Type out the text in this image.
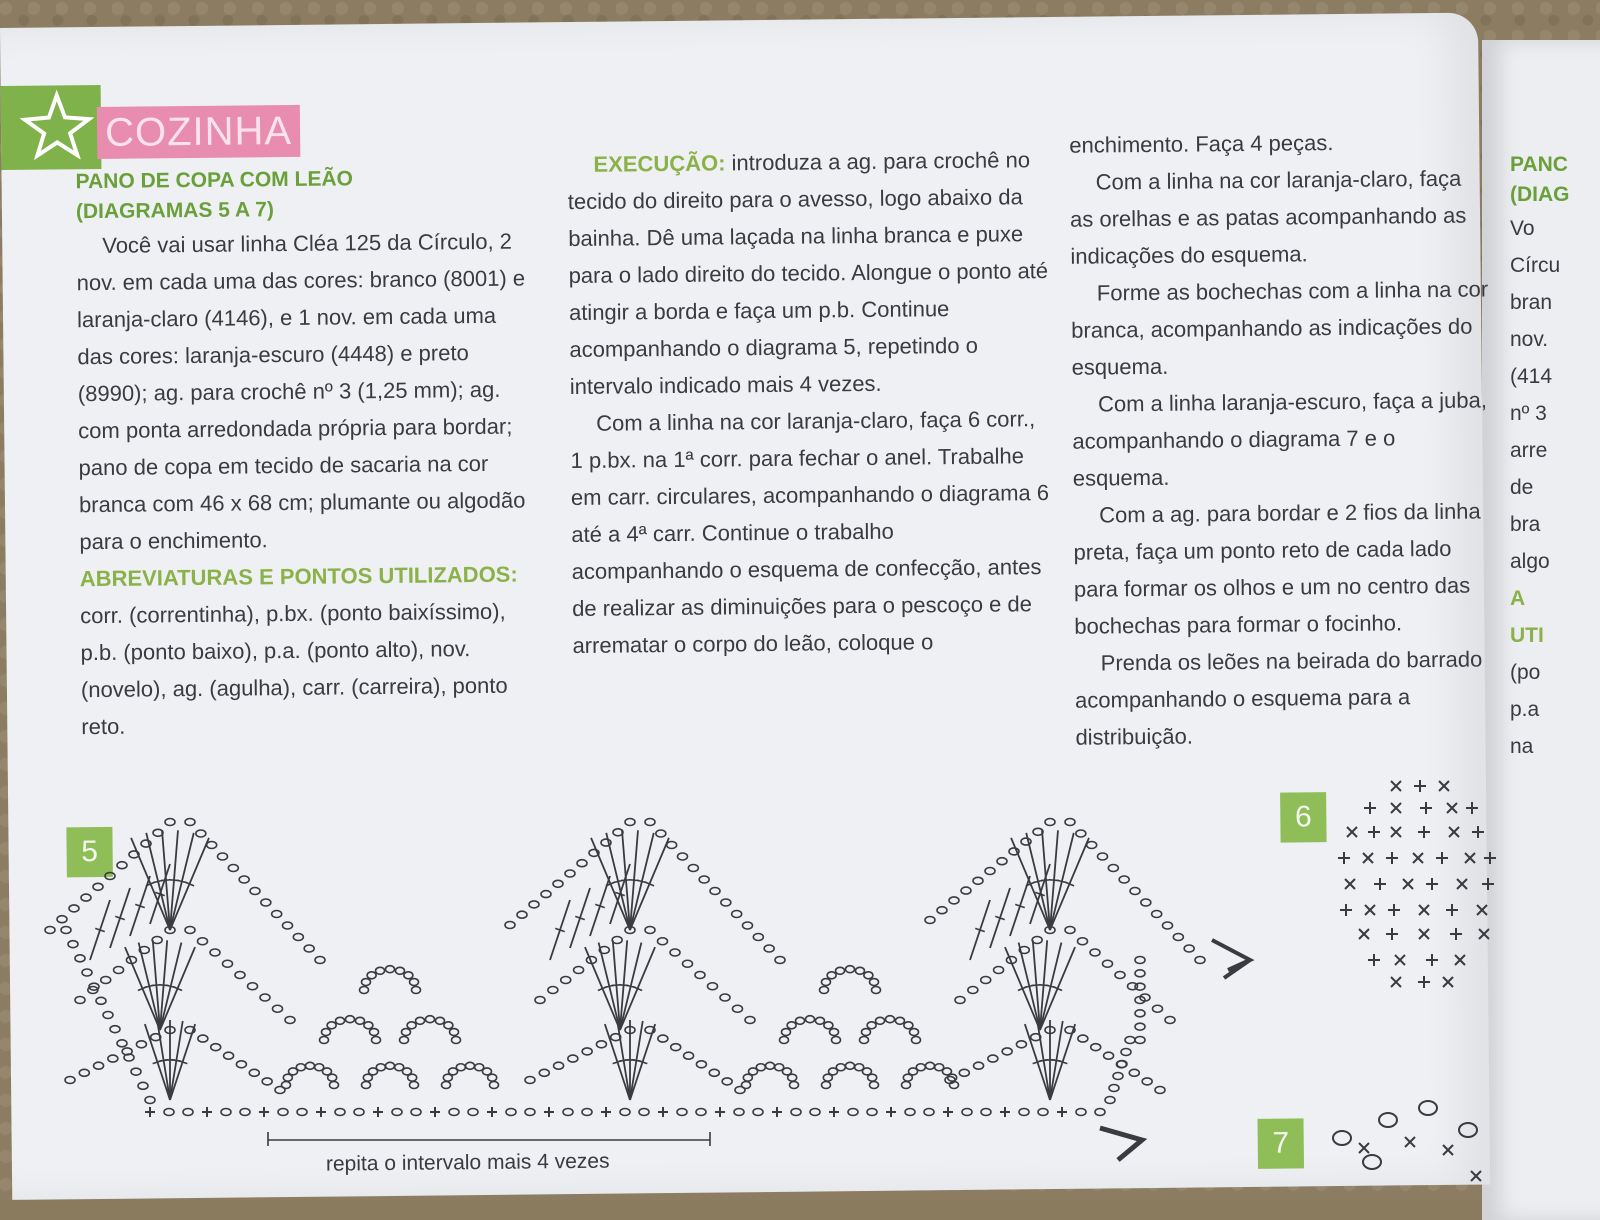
COZINHA

PANO DE COPA COM LEÃO

(DIAGRAMAS 5 A 7)

Você vai usar linha Cléa 125 da Círculo, 2 nov. em cada uma das cores: branco (8001) e laranja-claro (4146), e 1 nov. em cada uma das cores: laranja-escuro (4448) e preto (8990); ag. para crochê nº 3 (1,25 mm); ag. com ponta arredondada própria para bordar; pano de copa em tecido de sacaria na cor branca com 46 x 68 cm; plumante ou algodão para o enchimento.

ABREVIATURAS E PONTOS UTILIZADOS: corr. (correntinha), p.bx. (ponto baixíssimo), p.b. (ponto baixo), p.a. (ponto alto), nov. (novelo), ag. (agulha), carr. (carreira), ponto reto.

EXECUÇÃO: introduza a ag. para crochê no tecido do direito para o avesso, logo abaixo da bainha. Dê uma laçada na linha branca e puxe para o lado direito do tecido. Alongue o ponto até atingir a borda e faça um p.b. Continue acompanhando o diagrama 5, repetindo o intervalo indicado mais 4 vezes.

Com a linha na cor laranja-claro, faça 6 corr., 1 p.bx. na 1ª corr. para fechar o anel. Trabalhe em carr. circulares, acompanhando o diagrama 6 até a 4ª carr. Continue o trabalho acompanhando o esquema de confecção, antes de realizar as diminuições para o pescoço e de arrematar o corpo do leão, coloque o

enchimento. Faça 4 peças.

Com a linha na cor laranja-claro, faça as orelhas e as patas acompanhando as indicações do esquema.

Forme as bochechas com a linha na cor branca, acompanhando as indicações do esquema.

Com a linha laranja-escuro, faça a juba, acompanhando o diagrama 7 e o esquema.

Com a ag. para bordar e 2 fios da linha preta, faça um ponto reto de cada lado para formar os olhos e um no centro das bochechas para formar o focinho.

Prenda os leões na beirada do barrado acompanhando o esquema para a distribuição.

5
6
7
repita o intervalo mais 4 vezes
PANC
(DIAG
Vo
Círcu
bran
nov.
(414
nº 3
arre
de
bra
algo
A
UTI
(po
p.a
na
